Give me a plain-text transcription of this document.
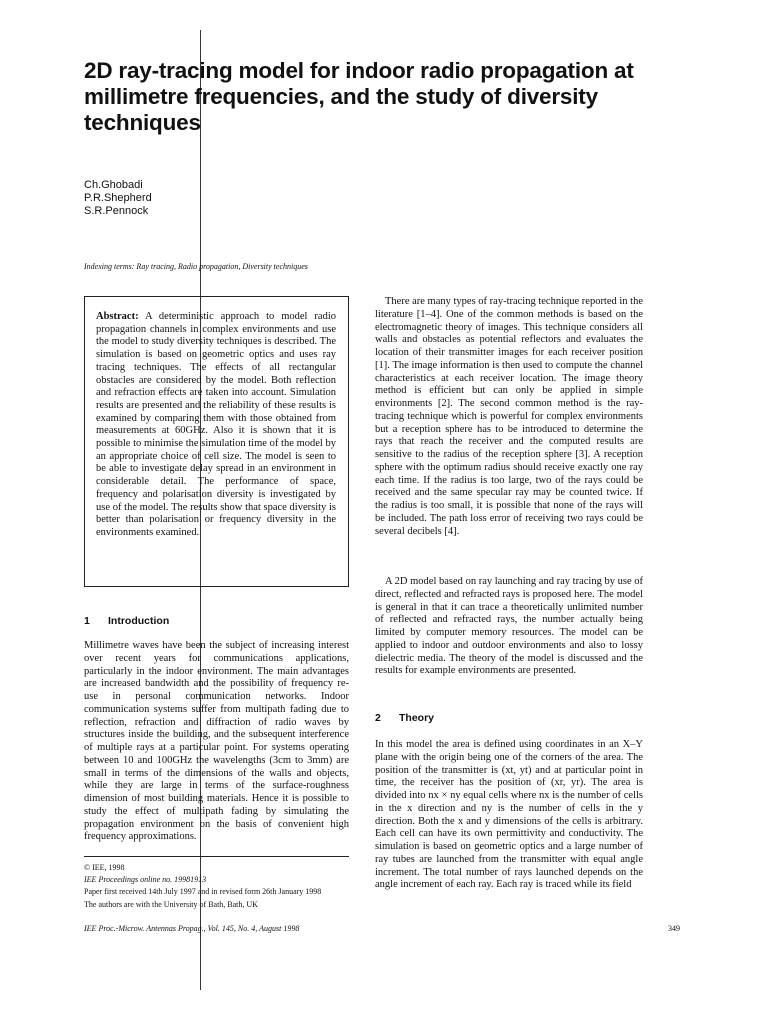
2D ray-tracing model for indoor radio propagation at millimetre frequencies, and the study of diversity techniques
Ch.Ghobadi
P.R.Shepherd
S.R.Pennock
Indexing terms: Ray tracing, Radio propagation, Diversity techniques

Abstract: A deterministic approach to model radio propagation channels in complex environments and use the model to study diversity techniques is described. The simulation is based on geometric optics and uses ray tracing techniques. The effects of all rectangular obstacles are considered by the model. Both reflection and refraction effects are taken into account. Simulation results are presented and the reliability of these results is examined by comparing them with those obtained from measurements at 60GHz. Also it is shown that it is possible to minimise the simulation time of the model by an appropriate choice of cell size. The model is seen to be able to investigate delay spread in an environment in considerable detail. The performance of space, frequency and polarisation diversity is investigated by use of the model. The results show that space diversity is better than polarisation or frequency diversity in the environments examined.

1 Introduction

Millimetre waves have been the subject of increasing interest over recent years for communications applications, particularly in the indoor environment. The main advantages are increased bandwidth and the possibility of frequency re-use in personal communication networks. Indoor communication systems suffer from multipath fading due to reflection, refraction and diffraction of radio waves by structures inside the building, and the subsequent interference of multiple rays at a particular point. For systems operating between 10 and 100GHz the wavelengths (3cm to 3mm) are small in terms of the dimensions of the walls and objects, while they are large in terms of the surface-roughness dimension of most building materials. Hence it is possible to study the effect of multipath fading by simulating the propagation environment on the basis of convenient high frequency approximations.

© IEE, 1998
IEE Proceedings online no. 19981913
Paper first received 14th July 1997 and in revised form 26th January 1998
The authors are with the University of Bath, Bath, UK

There are many types of ray-tracing technique reported in the literature [1–4]. One of the common methods is based on the electromagnetic theory of images. This technique considers all walls and obstacles as potential reflectors and evaluates the location of their transmitter images for each receiver position [1]. The image information is then used to compute the channel characteristics at each receiver location. The image theory method is efficient but can only be applied in simple environments [2]. The second common method is the ray-tracing technique which is powerful for complex environments but a reception sphere has to be introduced to determine the rays that reach the receiver and the computed results are sensitive to the radius of the reception sphere [3]. A reception sphere with the optimum radius should receive exactly one ray each time. If the radius is too large, two of the rays could be received and the same specular ray may be counted twice. If the radius is too small, it is possible that none of the rays will be included. The path loss error of receiving two rays could be several decibels [4].

A 2D model based on ray launching and ray tracing by use of direct, reflected and refracted rays is proposed here. The model is general in that it can trace a theoretically unlimited number of reflected and refracted rays, the number actually being limited by computer memory resources. The model can be applied to indoor and outdoor environments and also to lossy dielectric media. The theory of the model is discussed and the results for example environments are presented.

2 Theory

In this model the area is defined using coordinates in an X–Y plane with the origin being one of the corners of the area. The position of the transmitter is (xt, yt) and at particular point in time, the receiver has the position of (xr, yr). The area is divided into nx × ny equal cells where nx is the number of cells in the x direction and ny is the number of cells in the y direction. Both the x and y dimensions of the cells is arbitrary. Each cell can have its own permittivity and conductivity. The simulation is based on geometric optics and a large number of ray tubes are launched from the transmitter with equal angle increment. The total number of rays launched depends on the angle increment of each ray. Each ray is traced while its field

IEE Proc.-Microw. Antennas Propag., Vol. 145, No. 4, August 1998	349
